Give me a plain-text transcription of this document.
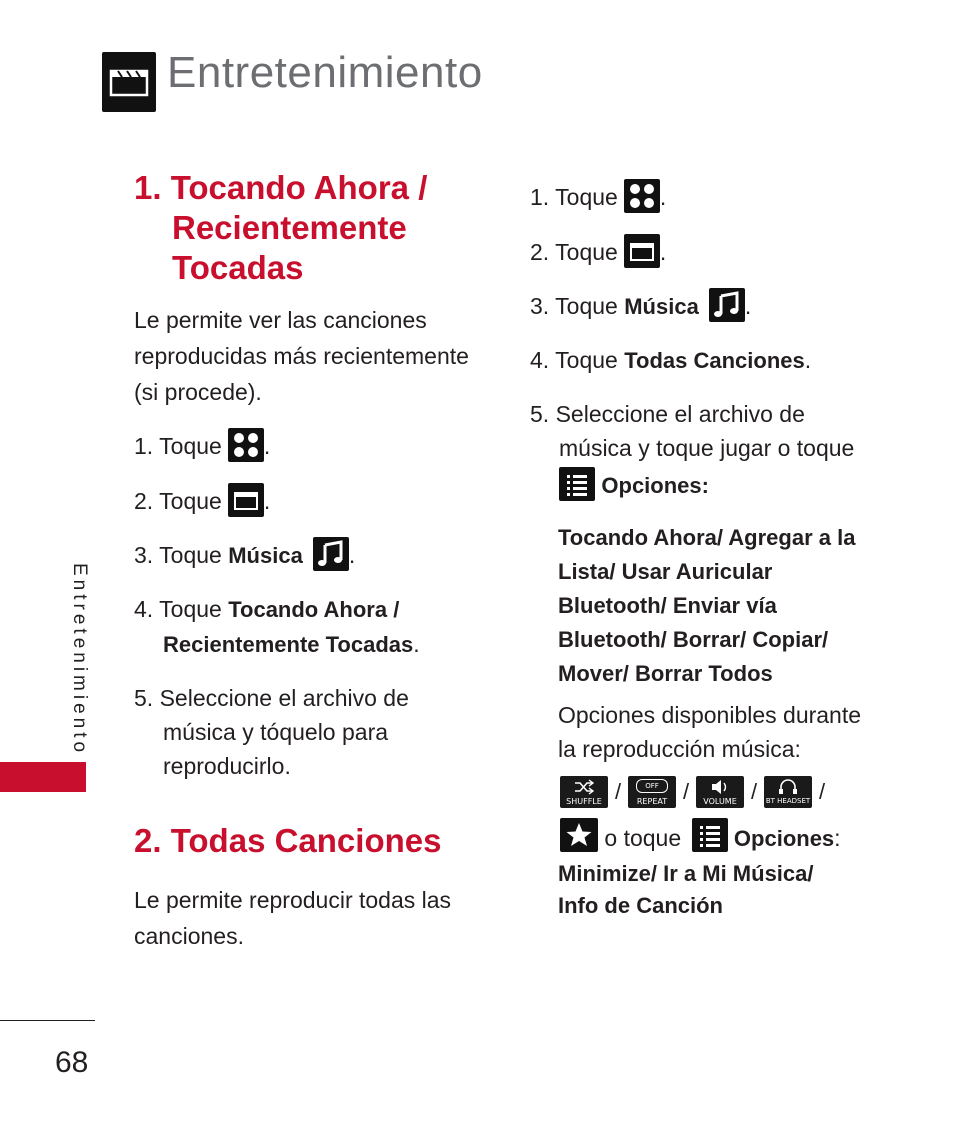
Entretenimiento
1. Tocando Ahora /
Recientemente
Tocadas
Le permite ver las canciones
reproducidas más recientemente
(si procede).
1. Toque .
2. Toque .
3. Toque Música .
4. Toque Tocando Ahora /
Recientemente Tocadas.
5. Seleccione el archivo de
música y tóquelo para
reproducirlo.
2. Todas Canciones
Le permite reproducir todas las
canciones.
1. Toque .
2. Toque .
3. Toque Música .
4. Toque Todas Canciones.
5. Seleccione el archivo de
música y toque jugar o toque
Opciones:
Tocando Ahora/ Agregar a la
Lista/ Usar Auricular
Bluetooth/ Enviar vía
Bluetooth/ Borrar/ Copiar/
Mover/ Borrar Todos
Opciones disponibles durante
la reproducción música:
SHUFFLE /	OFF
REPEAT /	VOLUME / BT HEADSET /
o toque Opciones:
Minimize/ Ir a Mi Música/
Info de Canción
Entretenimiento
68
